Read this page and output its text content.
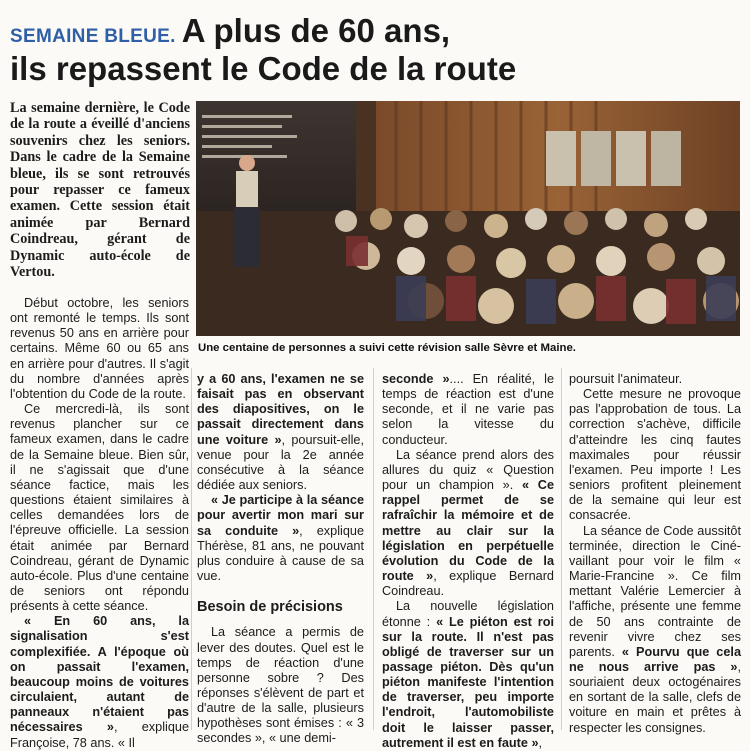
SEMAINE BLEUE. A plus de 60 ans,
ils repassent le Code de la route
La semaine dernière, le Code de la route a éveillé d'anciens souvenirs chez les seniors. Dans le cadre de la Semaine bleue, ils se sont retrouvés pour repasser ce fameux examen. Cette session était animée par Bernard Coindreau, gérant de Dynamic auto-école de Vertou.
Une centaine de personnes a suivi cette révision salle Sèvre et Maine.

Début octobre, les seniors ont remonté le temps. Ils sont revenus 50 ans en arrière pour certains. Même 60 ou 65 ans en arrière pour d'autres. Il s'agit du nombre d'années après l'obtention du Code de la route.

Ce mercredi-là, ils sont revenus plancher sur ce fameux examen, dans le cadre de la Semaine bleue. Bien sûr, il ne s'agissait que d'une séance factice, mais les questions étaient similaires à celles demandées lors de l'épreuve officielle. La session était animée par Bernard Coindreau, gérant de Dynamic auto-école. Plus d'une centaine de seniors ont répondu présents à cette séance.

« En 60 ans, la signalisation s'est complexifiée. A l'époque où on passait l'examen, beaucoup moins de voitures circulaient, autant de panneaux n'étaient pas nécessaires », explique Françoise, 78 ans. « Il

y a 60 ans, l'examen ne se faisait pas en observant des diapositives, on le passait directement dans une voiture », poursuit-elle, venue pour la 2e année consécutive à la séance dédiée aux seniors.

« Je participe à la séance pour avertir mon mari sur sa conduite », explique Thérèse, 81 ans, ne pouvant plus conduire à cause de sa vue.

Besoin de précisions

La séance a permis de lever des doutes. Quel est le temps de réaction d'une personne sobre ? Des réponses s'élèvent de part et d'autre de la salle, plusieurs hypothèses sont émises : « 3 secondes », « une demi-

seconde ».... En réalité, le temps de réaction est d'une seconde, et il ne varie pas selon la vitesse du conducteur.

La séance prend alors des allures du quiz « Question pour un champion ». « Ce rappel permet de se rafraîchir la mémoire et de mettre au clair sur la législation en perpétuelle évolution du Code de la route », explique Bernard Coindreau.

La nouvelle législation étonne : « Le piéton est roi sur la route. Il n'est pas obligé de traverser sur un passage piéton. Dès qu'un piéton manifeste l'intention de traverser, peu importe l'endroit, l'automobiliste doit le laisser passer, autrement il est en faute »,

poursuit l'animateur.

Cette mesure ne provoque pas l'approbation de tous. La correction s'achève, difficile d'atteindre les cinq fautes maximales pour réussir l'examen. Peu importe ! Les seniors profitent pleinement de la semaine qui leur est consacrée.

La séance de Code aussitôt terminée, direction le Ciné-vaillant pour voir le film « Marie-Francine ». Ce film mettant Valérie Lemercier à l'affiche, présente une femme de 50 ans contrainte de revenir vivre chez ses parents. « Pourvu que cela ne nous arrive pas », souriaient deux octogénaires en sortant de la salle, clefs de voiture en main et prêtes à respecter les consignes.
